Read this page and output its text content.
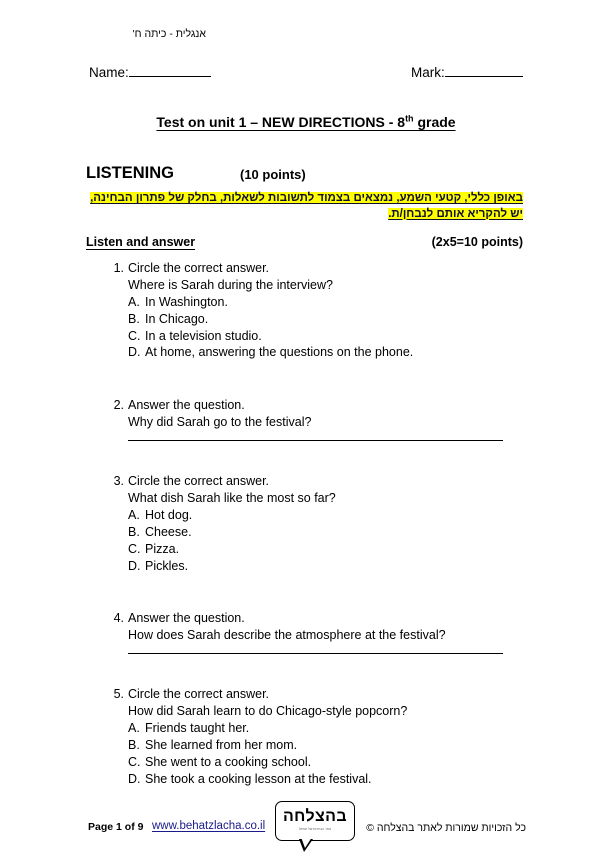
אנגלית - כיתה ח'
Name:	Mark:
Test on unit 1 – NEW DIRECTIONS - 8th grade
LISTENING	(10 points)
באופן כללי, קטעי השמע, נמצאים בצמוד לתשובות לשאלות, בחלק של פתרון הבחינה,
יש להקריא אותם לנבחן/ת.
Listen and answer	(2x5=10 points)
1. Circle the correct answer.
Where is Sarah during the interview?
A. In Washington.
B. In Chicago.
C. In a television studio.
D. At home, answering the questions on the phone.
2. Answer the question.
Why did Sarah go to the festival?
3. Circle the correct answer.
What dish Sarah like the most so far?
A. Hot dog.
B. Cheese.
C. Pizza.
D. Pickles.
4. Answer the question.
How does Sarah describe the atmosphere at the festival?
5. Circle the correct answer.
How did Sarah learn to do Chicago-style popcorn?
A. Friends taught her.
B. She learned from her mom.
C. She went to a cooking school.
D. She took a cooking lesson at the festival.
Page 1 of 9 www.behatzlacha.co.il
בהצלחה
אתר הבחינות של ישראל	כל הזכויות שמורות לאתר בהצלחה ©
